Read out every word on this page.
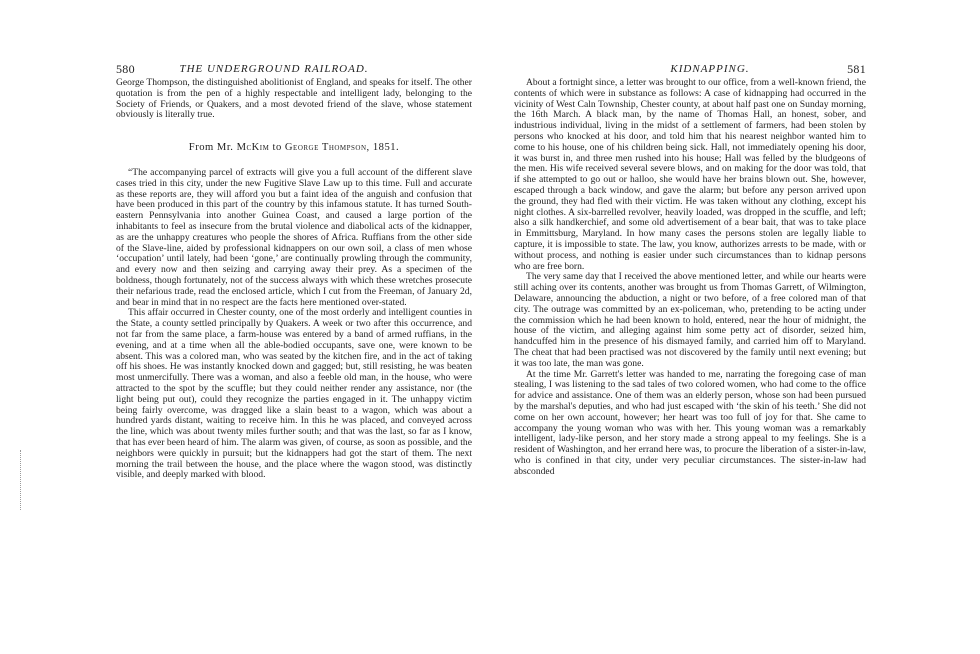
580	THE UNDERGROUND RAILROAD.

George Thompson, the distinguished abolitionist of England, and speaks for itself. The other quotation is from the pen of a highly respectable and intelligent lady, belonging to the Society of Friends, or Quakers, and a most devoted friend of the slave, whose statement obviously is literally true.

From Mr. McKim to George Thompson, 1851.

“The accompanying parcel of extracts will give you a full account of the different slave cases tried in this city, under the new Fugitive Slave Law up to this time. Full and accurate as these reports are, they will afford you but a faint idea of the anguish and confusion that have been produced in this part of the country by this infamous statute. It has turned South-eastern Pennsylvania into another Guinea Coast, and caused a large portion of the inhabitants to feel as insecure from the brutal violence and diabolical acts of the kidnapper, as are the unhappy creatures who people the shores of Africa. Ruffians from the other side of the Slave-line, aided by professional kidnappers on our own soil, a class of men whose ‘occupation’ until lately, had been ‘gone,’ are continually prowling through the community, and every now and then seizing and carrying away their prey. As a specimen of the boldness, though fortunately, not of the success always with which these wretches prosecute their nefarious trade, read the enclosed article, which I cut from the Freeman, of January 2d, and bear in mind that in no respect are the facts here mentioned over-stated.

This affair occurred in Chester county, one of the most orderly and intelligent counties in the State, a county settled principally by Quakers. A week or two after this occurrence, and not far from the same place, a farm-house was entered by a band of armed ruffians, in the evening, and at a time when all the able-bodied occupants, save one, were known to be absent. This was a colored man, who was seated by the kitchen fire, and in the act of taking off his shoes. He was instantly knocked down and gagged; but, still resisting, he was beaten most unmercifully. There was a woman, and also a feeble old man, in the house, who were attracted to the spot by the scuffle; but they could neither render any assistance, nor (the light being put out), could they recognize the parties engaged in it. The unhappy victim being fairly overcome, was dragged like a slain beast to a wagon, which was about a hundred yards distant, waiting to receive him. In this he was placed, and conveyed across the line, which was about twenty miles further south; and that was the last, so far as I know, that has ever been heard of him. The alarm was given, of course, as soon as possible, and the neighbors were quickly in pursuit; but the kidnappers had got the start of them. The next morning the trail between the house, and the place where the wagon stood, was distinctly visible, and deeply marked with blood.

KIDNAPPING.	581

About a fortnight since, a letter was brought to our office, from a well-known friend, the contents of which were in substance as follows: A case of kidnapping had occurred in the vicinity of West Caln Township, Chester county, at about half past one on Sunday morning, the 16th March. A black man, by the name of Thomas Hall, an honest, sober, and industrious individual, living in the midst of a settlement of farmers, had been stolen by persons who knocked at his door, and told him that his nearest neighbor wanted him to come to his house, one of his children being sick. Hall, not immediately opening his door, it was burst in, and three men rushed into his house; Hall was felled by the bludgeons of the men. His wife received several severe blows, and on making for the door was told, that if she attempted to go out or halloo, she would have her brains blown out. She, however, escaped through a back window, and gave the alarm; but before any person arrived upon the ground, they had fled with their victim. He was taken without any clothing, except his night clothes. A six-barrelled revolver, heavily loaded, was dropped in the scuffle, and left; also a silk handkerchief, and some old advertisement of a bear bait, that was to take place in Emmittsburg, Maryland. In how many cases the persons stolen are legally liable to capture, it is impossible to state. The law, you know, authorizes arrests to be made, with or without process, and nothing is easier under such circumstances than to kidnap persons who are free born.

The very same day that I received the above mentioned letter, and while our hearts were still aching over its contents, another was brought us from Thomas Garrett, of Wilmington, Delaware, announcing the abduction, a night or two before, of a free colored man of that city. The outrage was committed by an ex-policeman, who, pretending to be acting under the commission which he had been known to hold, entered, near the hour of midnight, the house of the victim, and alleging against him some petty act of disorder, seized him, handcuffed him in the presence of his dismayed family, and carried him off to Maryland. The cheat that had been practised was not discovered by the family until next evening; but it was too late, the man was gone.

At the time Mr. Garrett's letter was handed to me, narrating the foregoing case of man stealing, I was listening to the sad tales of two colored women, who had come to the office for advice and assistance. One of them was an elderly person, whose son had been pursued by the marshal's deputies, and who had just escaped with ‘the skin of his teeth.’ She did not come on her own account, however; her heart was too full of joy for that. She came to accompany the young woman who was with her. This young woman was a remarkably intelligent, lady-like person, and her story made a strong appeal to my feelings. She is a resident of Washington, and her errand here was, to procure the liberation of a sister-in-law, who is confined in that city, under very peculiar circumstances. The sister-in-law had absconded
